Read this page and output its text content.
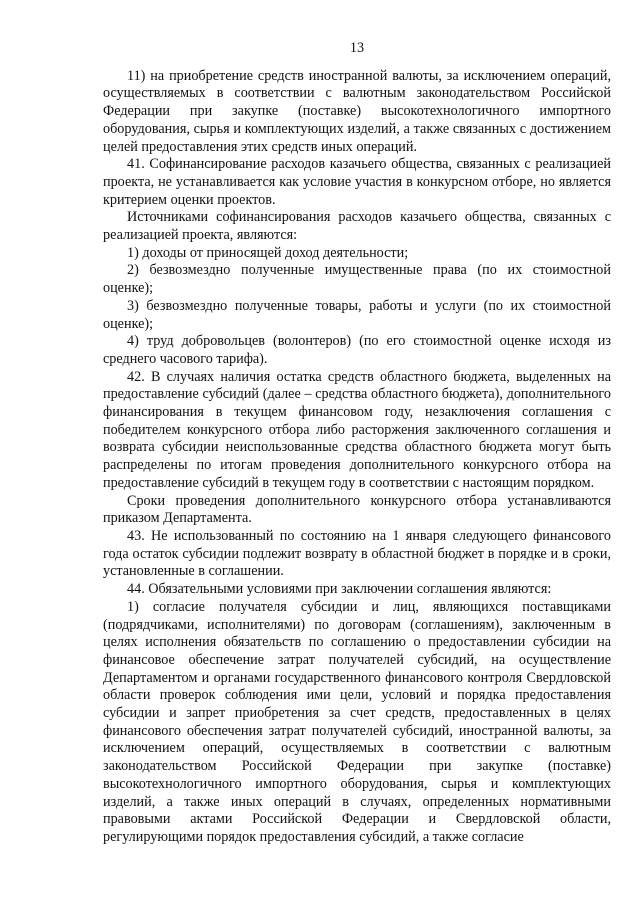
13

11) на приобретение средств иностранной валюты, за исключением операций, осуществляемых в соответствии с валютным законодательством Российской Федерации при закупке (поставке) высокотехнологичного импортного оборудования, сырья и комплектующих изделий, а также связанных с достижением целей предоставления этих средств иных операций.

41. Софинансирование расходов казачьего общества, связанных с реализацией проекта, не устанавливается как условие участия в конкурсном отборе, но является критерием оценки проектов.

Источниками софинансирования расходов казачьего общества, связанных с реализацией проекта, являются:

1) доходы от приносящей доход деятельности;

2) безвозмездно полученные имущественные права (по их стоимостной оценке);

3) безвозмездно полученные товары, работы и услуги (по их стоимостной оценке);

4) труд добровольцев (волонтеров) (по его стоимостной оценке исходя из среднего часового тарифа).

42. В случаях наличия остатка средств областного бюджета, выделенных на предоставление субсидий (далее – средства областного бюджета), дополнительного финансирования в текущем финансовом году, незаключения соглашения с победителем конкурсного отбора либо расторжения заключенного соглашения и возврата субсидии неиспользованные средства областного бюджета могут быть распределены по итогам проведения дополнительного конкурсного отбора на предоставление субсидий в текущем году в соответствии с настоящим порядком.

Сроки проведения дополнительного конкурсного отбора устанавливаются приказом Департамента.

43. Не использованный по состоянию на 1 января следующего финансового года остаток субсидии подлежит возврату в областной бюджет в порядке и в сроки, установленные в соглашении.

44. Обязательными условиями при заключении соглашения являются:

1) согласие получателя субсидии и лиц, являющихся поставщиками (подрядчиками, исполнителями) по договорам (соглашениям), заключенным в целях исполнения обязательств по соглашению о предоставлении субсидии на финансовое обеспечение затрат получателей субсидий, на осуществление Департаментом и органами государственного финансового контроля Свердловской области проверок соблюдения ими цели, условий и порядка предоставления субсидии и запрет приобретения за счет средств, предоставленных в целях финансового обеспечения затрат получателей субсидий, иностранной валюты, за исключением операций, осуществляемых в соответствии с валютным законодательством Российской Федерации при закупке (поставке) высокотехнологичного импортного оборудования, сырья и комплектующих изделий, а также иных операций в случаях, определенных нормативными правовыми актами Российской Федерации и Свердловской области, регулирующими порядок предоставления субсидий, а также согласие
